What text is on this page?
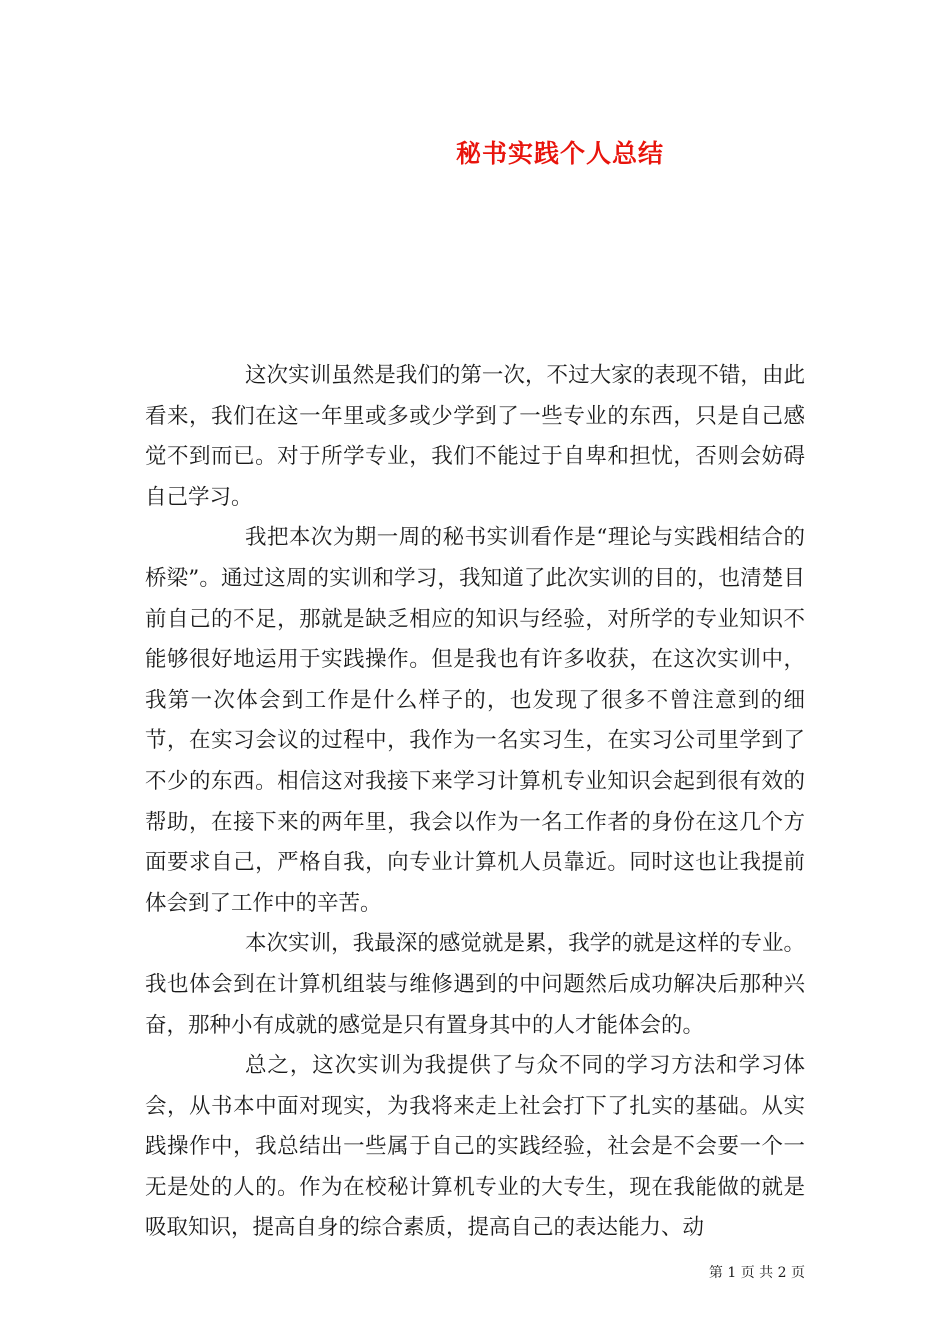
秘书实践个人总结

这次实训虽然是我们的第一次，不过大家的表现不错，由此看来，我们在这一年里或多或少学到了一些专业的东西，只是自己感觉不到而已。对于所学专业，我们不能过于自卑和担忧，否则会妨碍自己学习。

我把本次为期一周的秘书实训看作是“理论与实践相结合的桥梁”。通过这周的实训和学习，我知道了此次实训的目的，也清楚目前自己的不足，那就是缺乏相应的知识与经验，对所学的专业知识不能够很好地运用于实践操作。但是我也有许多收获，在这次实训中，我第一次体会到工作是什么样子的，也发现了很多不曾注意到的细节，在实习会议的过程中，我作为一名实习生，在实习公司里学到了不少的东西。相信这对我接下来学习计算机专业知识会起到很有效的帮助，在接下来的两年里，我会以作为一名工作者的身份在这几个方面要求自己，严格自我，向专业计算机人员靠近。同时这也让我提前体会到了工作中的辛苦。

本次实训，我最深的感觉就是累，我学的就是这样的专业。我也体会到在计算机组装与维修遇到的中问题然后成功解决后那种兴奋，那种小有成就的感觉是只有置身其中的人才能体会的。

总之，这次实训为我提供了与众不同的学习方法和学习体会，从书本中面对现实，为我将来走上社会打下了扎实的基础。从实践操作中，我总结出一些属于自己的实践经验，社会是不会要一个一无是处的人的。作为在校秘计算机专业的大专生，现在我能做的就是吸取知识，提高自身的综合素质，提高自己的表达能力、动

第 1 页 共 2 页
